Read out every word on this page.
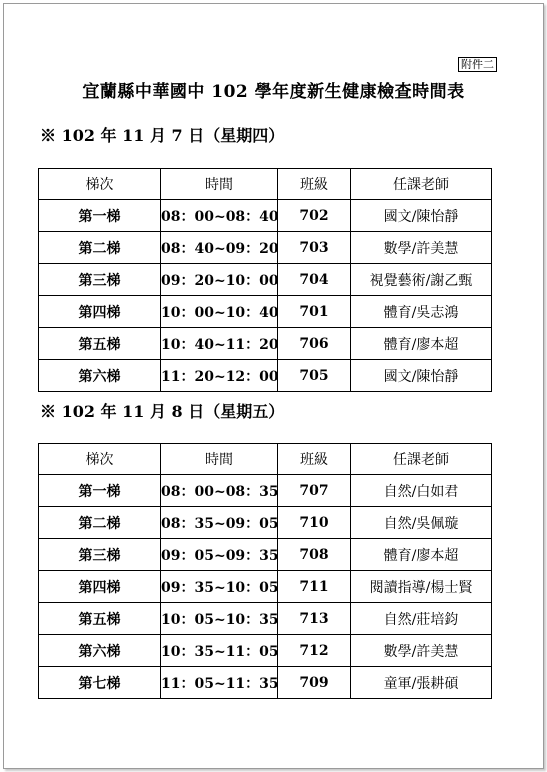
附件二
宜蘭縣中華國中 102 學年度新生健康檢查時間表
※ 102 年 11 月 7 日（星期四）
梯次	時間	班級	任課老師
第一梯	08：00~08：40	702	國文/陳怡靜
第二梯	08：40~09：20	703	數學/許美慧
第三梯	09：20~10：00	704	視覺藝術/謝乙甄
第四梯	10：00~10：40	701	體育/吳志鴻
第五梯	10：40~11：20	706	體育/廖本超
第六梯	11：20~12：00	705	國文/陳怡靜
※ 102 年 11 月 8 日（星期五）
梯次	時間	班級	任課老師
第一梯	08：00~08：35	707	自然/白如君
第二梯	08：35~09：05	710	自然/吳佩璇
第三梯	09：05~09：35	708	體育/廖本超
第四梯	09：35~10：05	711	閱讀指導/楊士賢
第五梯	10：05~10：35	713	自然/莊培鈞
第六梯	10：35~11：05	712	數學/許美慧
第七梯	11：05~11：35	709	童軍/張耕碩
